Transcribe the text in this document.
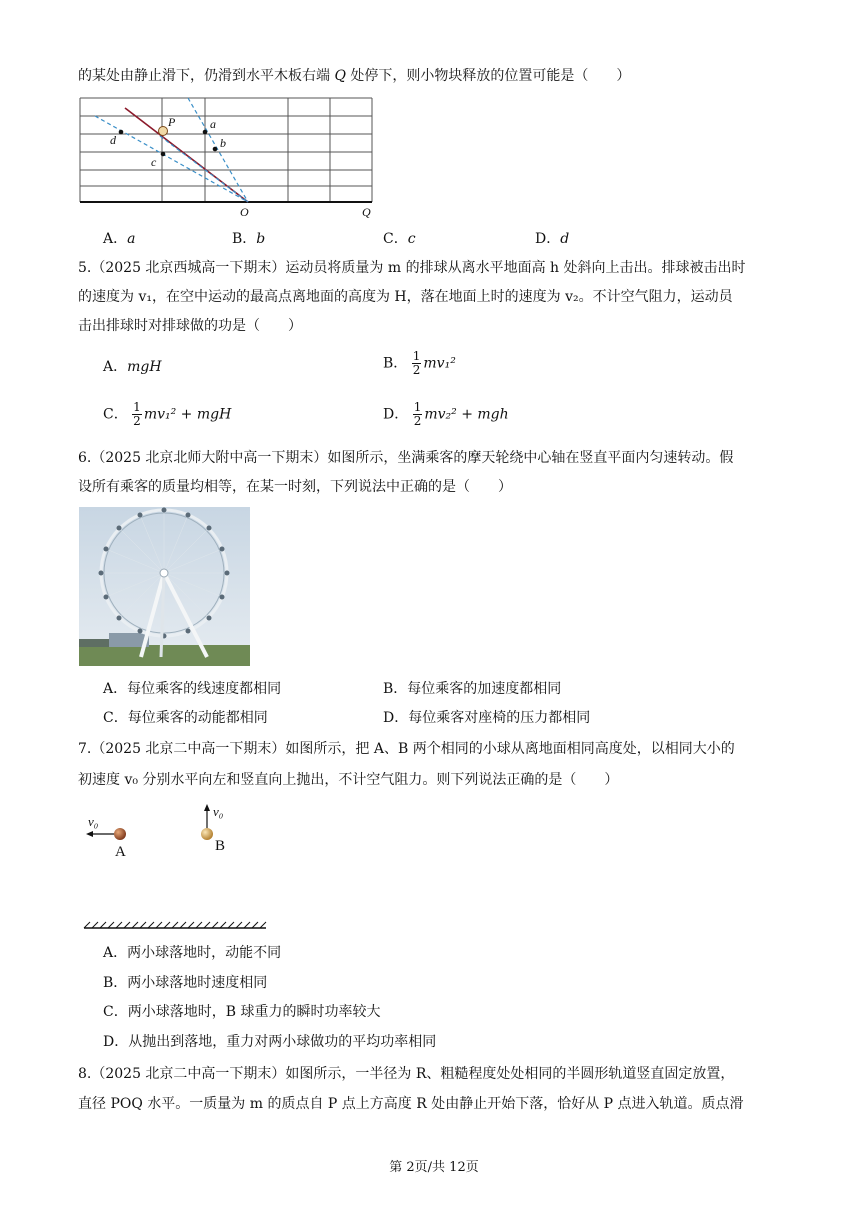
的某处由静止滑下，仍滑到水平木板右端 Q 处停下，则小物块释放的位置可能是（　　）
P	a
b
c
d
O	Q
A．a	B．b	C．c	D．d
5.（2025 北京西城高一下期末）运动员将质量为 m 的排球从离水平地面高 h 处斜向上击出。排球被击出时
的速度为 v₁，在空中运动的最高点离地面的高度为 H，落在地面上时的速度为 v₂。不计空气阻力，运动员
击出排球时对排球做的功是（　　）
A．mgH	B． $\frac{1}{2} mv_1^2$
C． $\frac{1}{2} mv_1^2$ + mgH	D． $\frac{1}{2} mv_2^2$ + mgh
6.（2025 北京北师大附中高一下期末）如图所示，坐满乘客的摩天轮绕中心轴在竖直平面内匀速转动。假
设所有乘客的质量均相等，在某一时刻，下列说法中正确的是（　　）
A．每位乘客的线速度都相同	B．每位乘客的加速度都相同
C．每位乘客的动能都相同	D．每位乘客对座椅的压力都相同
7.（2025 北京二中高一下期末）如图所示，把 A、B 两个相同的小球从离地面相同高度处，以相同大小的
初速度 v₀ 分别水平向左和竖直向上抛出，不计空气阻力。则下列说法正确的是（　　）
v₀
A
v₀
B
A．两小球落地时，动能不同
B．两小球落地时速度相同
C．两小球落地时，B 球重力的瞬时功率较大
D．从抛出到落地，重力对两小球做功的平均功率相同
8.（2025 北京二中高一下期末）如图所示，一半径为 R、粗糙程度处处相同的半圆形轨道竖直固定放置，
直径 POQ 水平。一质量为 m 的质点自 P 点上方高度 R 处由静止开始下落，恰好从 P 点进入轨道。质点滑
第 2页/共 12页
